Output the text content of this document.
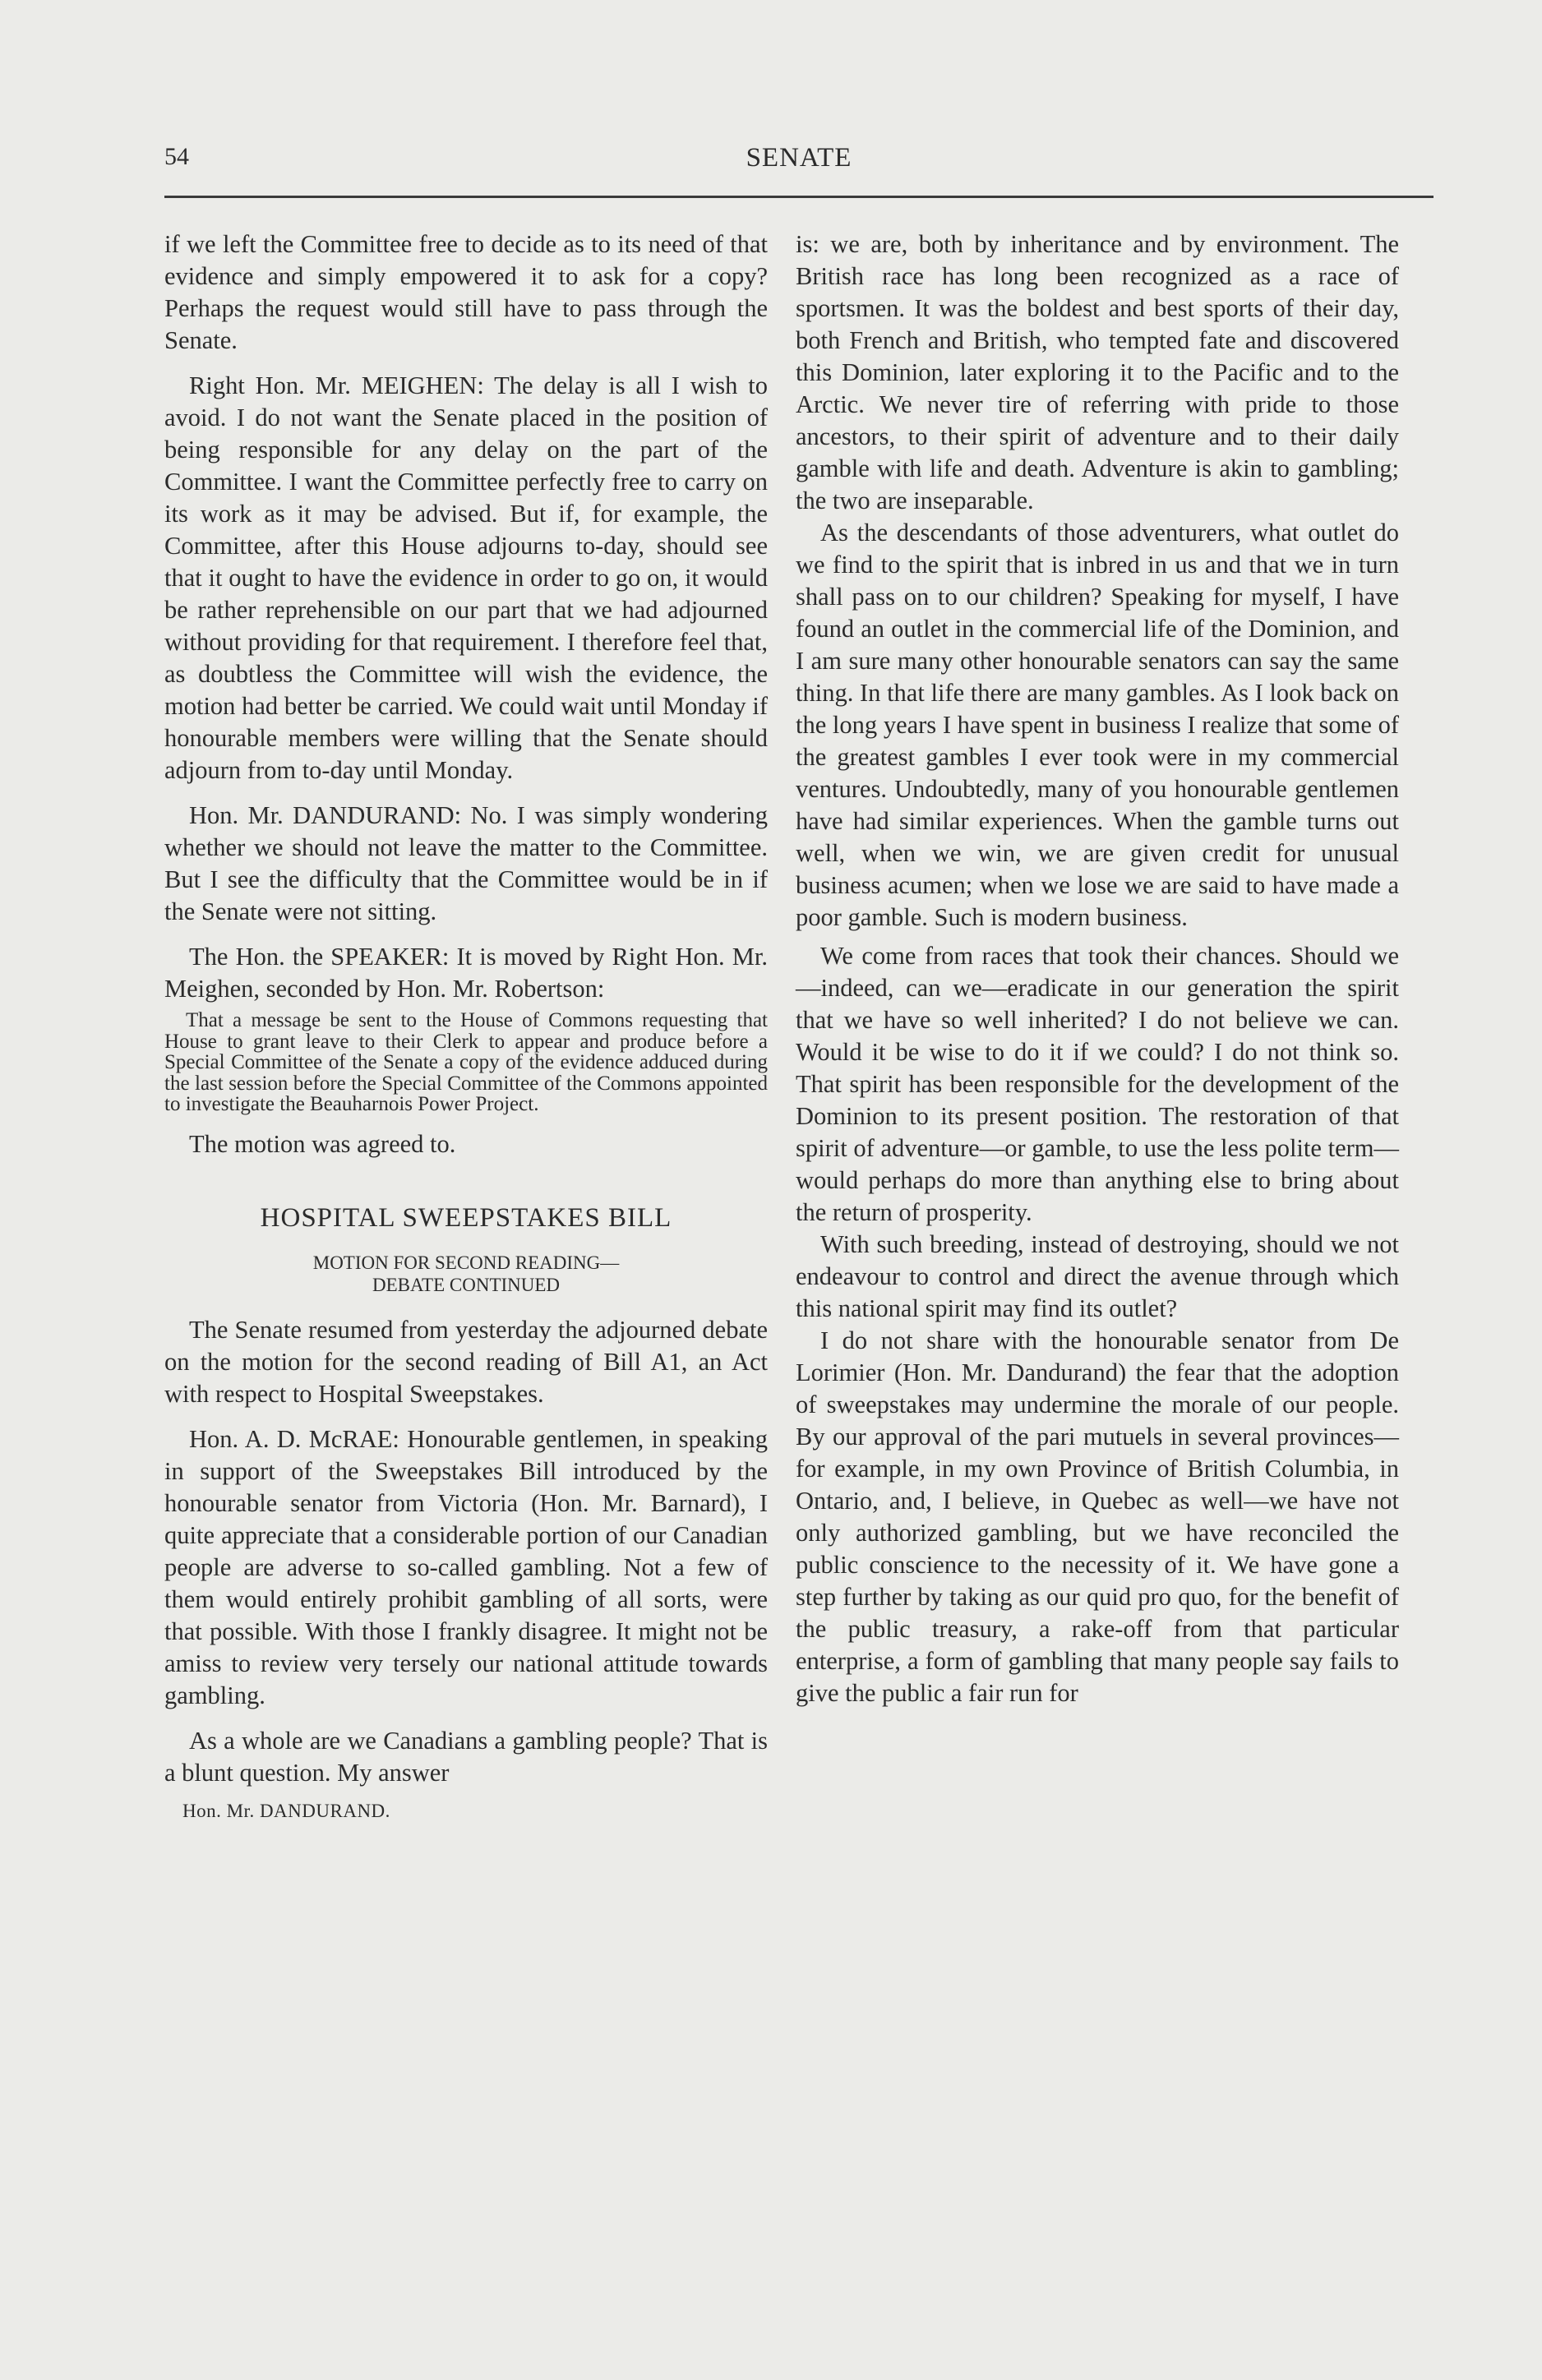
54	SENATE

if we left the Committee free to decide as to its need of that evidence and simply empowered it to ask for a copy? Perhaps the request would still have to pass through the Senate.

Right Hon. Mr. MEIGHEN: The delay is all I wish to avoid. I do not want the Senate placed in the position of being responsible for any delay on the part of the Committee. I want the Committee perfectly free to carry on its work as it may be advised. But if, for example, the Committee, after this House adjourns to-day, should see that it ought to have the evidence in order to go on, it would be rather reprehensible on our part that we had adjourned without providing for that requirement. I therefore feel that, as doubtless the Committee will wish the evidence, the motion had better be carried. We could wait until Monday if honourable members were willing that the Senate should adjourn from to-day until Monday.

Hon. Mr. DANDURAND: No. I was simply wondering whether we should not leave the matter to the Committee. But I see the difficulty that the Committee would be in if the Senate were not sitting.

The Hon. the SPEAKER: It is moved by Right Hon. Mr. Meighen, seconded by Hon. Mr. Robertson:

That a message be sent to the House of Commons requesting that House to grant leave to their Clerk to appear and produce before a Special Committee of the Senate a copy of the evidence adduced during the last session before the Special Committee of the Commons appointed to investigate the Beauharnois Power Project.

The motion was agreed to.

HOSPITAL SWEEPSTAKES BILL
MOTION FOR SECOND READING—
DEBATE CONTINUED

The Senate resumed from yesterday the adjourned debate on the motion for the second reading of Bill A1, an Act with respect to Hospital Sweepstakes.

Hon. A. D. McRAE: Honourable gentlemen, in speaking in support of the Sweepstakes Bill introduced by the honourable senator from Victoria (Hon. Mr. Barnard), I quite appreciate that a considerable portion of our Canadian people are adverse to so-called gambling. Not a few of them would entirely prohibit gambling of all sorts, were that possible. With those I frankly disagree. It might not be amiss to review very tersely our national attitude towards gambling.

As a whole are we Canadians a gambling people? That is a blunt question. My answer

Hon. Mr. DANDURAND.

is: we are, both by inheritance and by environment. The British race has long been recognized as a race of sportsmen. It was the boldest and best sports of their day, both French and British, who tempted fate and discovered this Dominion, later exploring it to the Pacific and to the Arctic. We never tire of referring with pride to those ancestors, to their spirit of adventure and to their daily gamble with life and death. Adventure is akin to gambling; the two are inseparable.

As the descendants of those adventurers, what outlet do we find to the spirit that is inbred in us and that we in turn shall pass on to our children? Speaking for myself, I have found an outlet in the commercial life of the Dominion, and I am sure many other honourable senators can say the same thing. In that life there are many gambles. As I look back on the long years I have spent in business I realize that some of the greatest gambles I ever took were in my commercial ventures. Undoubtedly, many of you honourable gentlemen have had similar experiences. When the gamble turns out well, when we win, we are given credit for unusual business acumen; when we lose we are said to have made a poor gamble. Such is modern business.

We come from races that took their chances. Should we—indeed, can we—eradicate in our generation the spirit that we have so well inherited? I do not believe we can. Would it be wise to do it if we could? I do not think so. That spirit has been responsible for the development of the Dominion to its present position. The restoration of that spirit of adventure—or gamble, to use the less polite term—would perhaps do more than anything else to bring about the return of prosperity.

With such breeding, instead of destroying, should we not endeavour to control and direct the avenue through which this national spirit may find its outlet?

I do not share with the honourable senator from De Lorimier (Hon. Mr. Dandurand) the fear that the adoption of sweepstakes may undermine the morale of our people. By our approval of the pari mutuels in several provinces—for example, in my own Province of British Columbia, in Ontario, and, I believe, in Quebec as well—we have not only authorized gambling, but we have reconciled the public conscience to the necessity of it. We have gone a step further by taking as our quid pro quo, for the benefit of the public treasury, a rake-off from that particular enterprise, a form of gambling that many people say fails to give the public a fair run for
